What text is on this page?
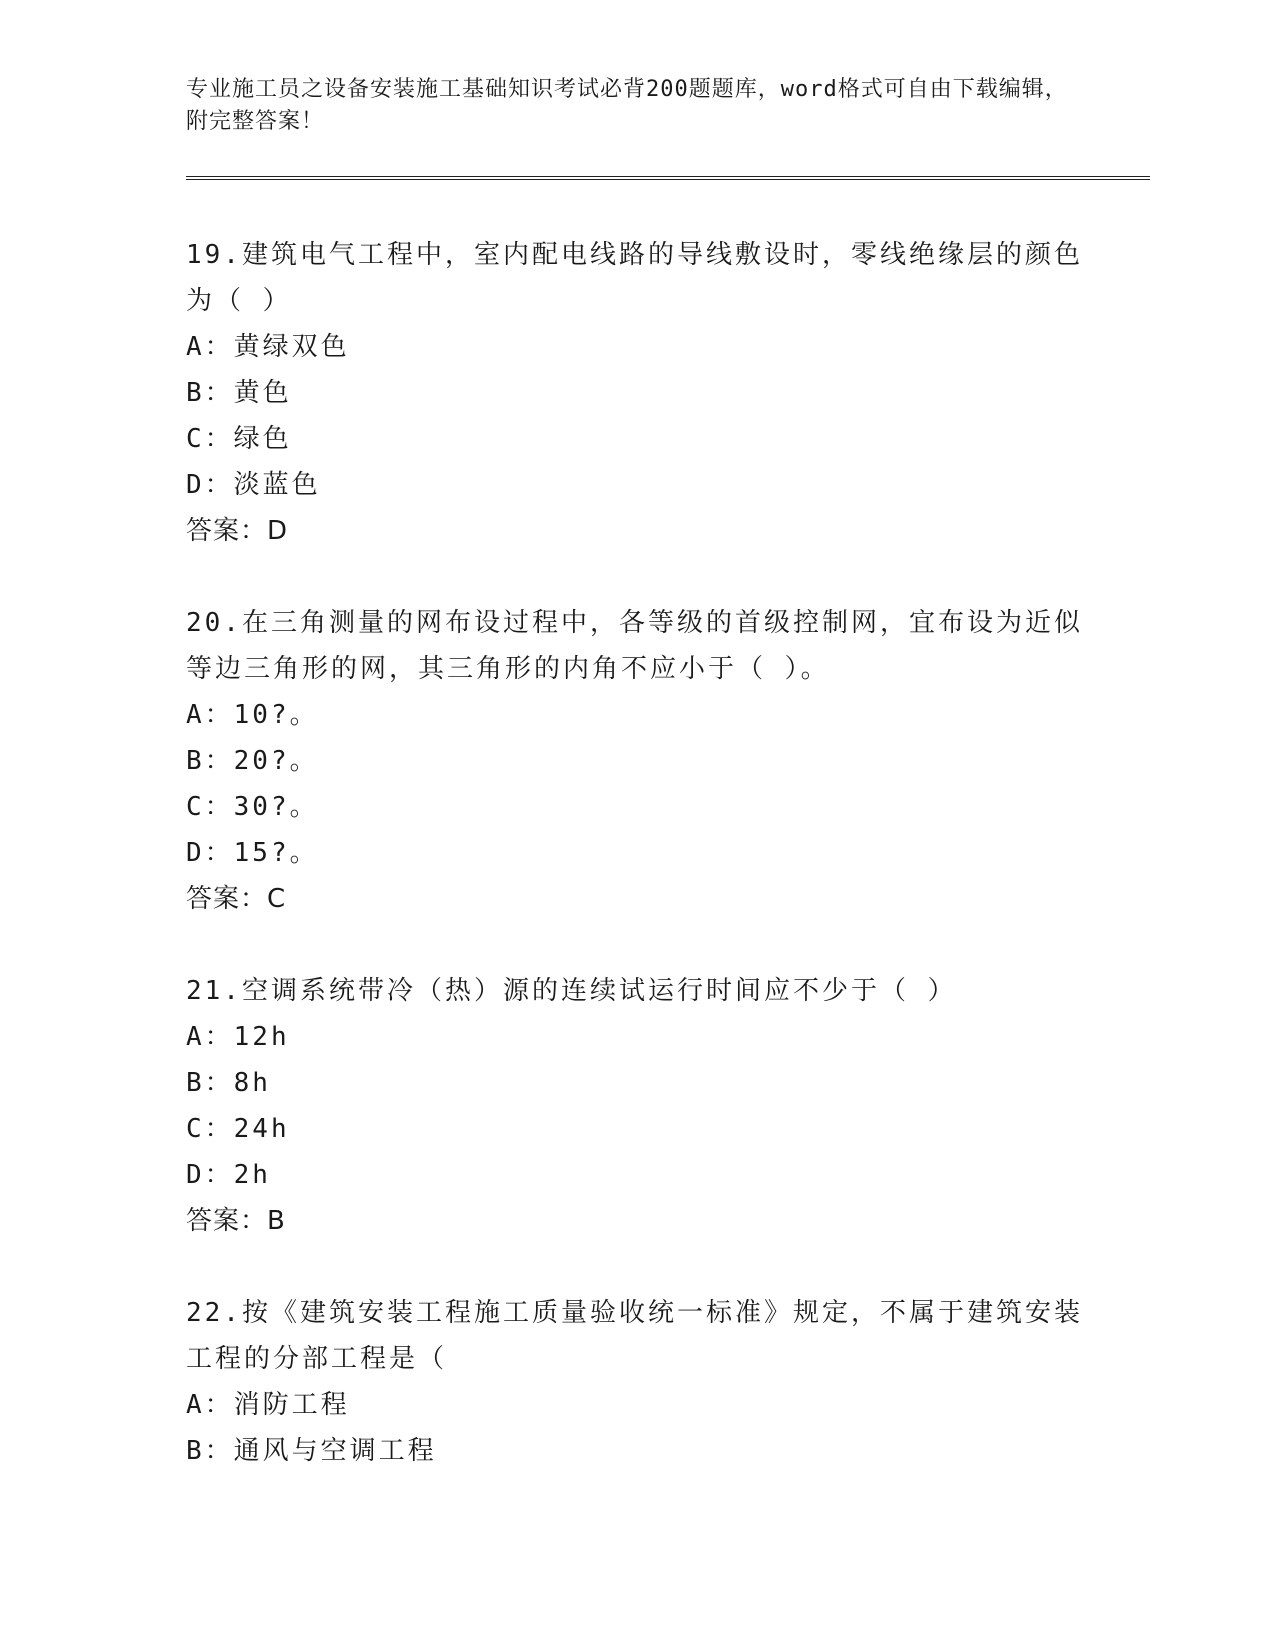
专业施工员之设备安装施工基础知识考试必背200题题库，word格式可自由下载编辑，附完整答案！

19.建筑电气工程中，室内配电线路的导线敷设时，零线绝缘层的颜色为（ ）

A：黄绿双色

B：黄色

C：绿色

D：淡蓝色

答案：D

20.在三角测量的网布设过程中，各等级的首级控制网，宜布设为近似等边三角形的网，其三角形的内角不应小于（ ）。

A：10?。

B：20?。

C：30?。

D：15?。

答案：C

21.空调系统带冷（热）源的连续试运行时间应不少于（ ）

A：12h

B：8h

C：24h

D：2h

答案：B

22.按《建筑安装工程施工质量验收统一标准》规定，不属于建筑安装工程的分部工程是（

A：消防工程

B：通风与空调工程
